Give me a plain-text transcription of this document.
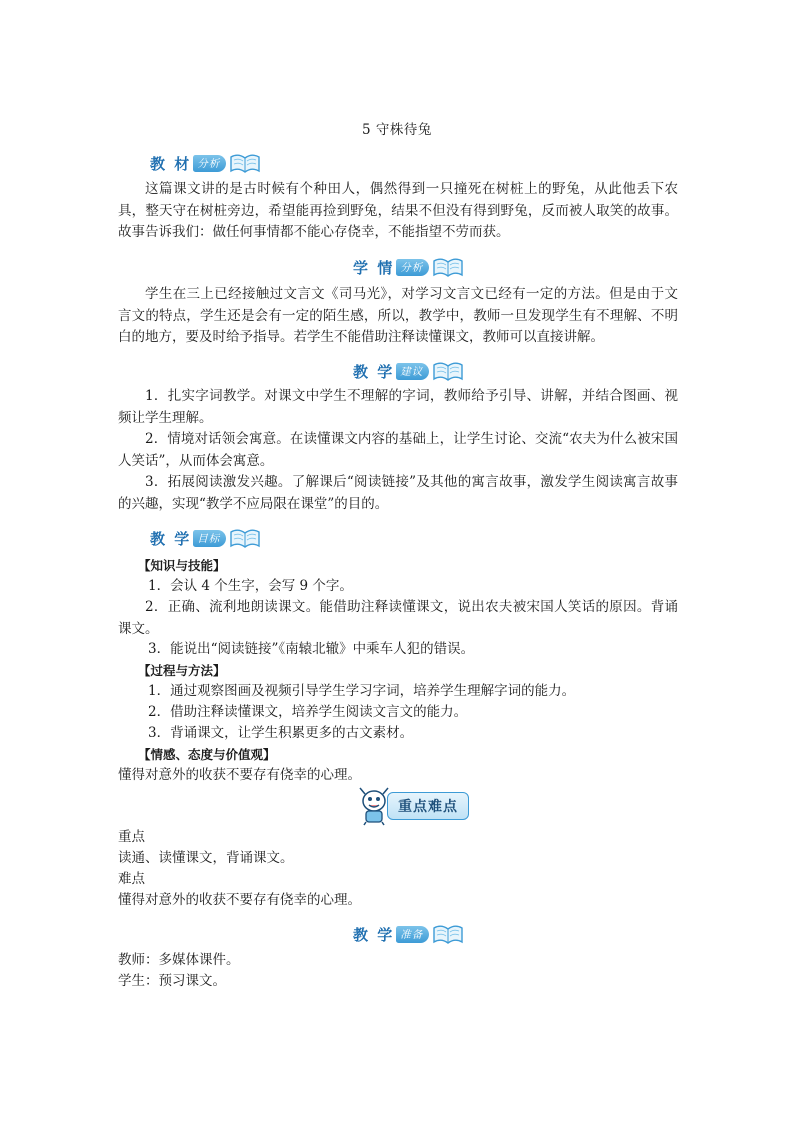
5 守株待兔
教 材 分析

这篇课文讲的是古时候有个种田人，偶然得到一只撞死在树桩上的野兔，从此他丢下农具，整天守在树桩旁边，希望能再捡到野兔，结果不但没有得到野兔，反而被人取笑的故事。故事告诉我们：做任何事情都不能心存侥幸，不能指望不劳而获。

学 情 分析

学生在三上已经接触过文言文《司马光》，对学习文言文已经有一定的方法。但是由于文言文的特点，学生还是会有一定的陌生感，所以，教学中，教师一旦发现学生有不理解、不明白的地方，要及时给予指导。若学生不能借助注释读懂课文，教师可以直接讲解。

教 学 建议

1．扎实字词教学。对课文中学生不理解的字词，教师给予引导、讲解，并结合图画、视频让学生理解。

2．情境对话领会寓意。在读懂课文内容的基础上，让学生讨论、交流“农夫为什么被宋国人笑话”，从而体会寓意。

3．拓展阅读激发兴趣。了解课后“阅读链接”及其他的寓言故事，激发学生阅读寓言故事的兴趣，实现“教学不应局限在课堂”的目的。

教 学 目标

【知识与技能】

1．会认 4 个生字，会写 9 个字。

2．正确、流利地朗读课文。能借助注释读懂课文，说出农夫被宋国人笑话的原因。背诵课文。

3．能说出“阅读链接”《南辕北辙》中乘车人犯的错误。

【过程与方法】

1．通过观察图画及视频引导学生学习字词，培养学生理解字词的能力。

2．借助注释读懂课文，培养学生阅读文言文的能力。

3．背诵课文，让学生积累更多的古文素材。

【情感、态度与价值观】

懂得对意外的收获不要存有侥幸的心理。

重点难点

重点

读通、读懂课文，背诵课文。

难点

懂得对意外的收获不要存有侥幸的心理。

教 学 准备

教师：多媒体课件。

学生：预习课文。
